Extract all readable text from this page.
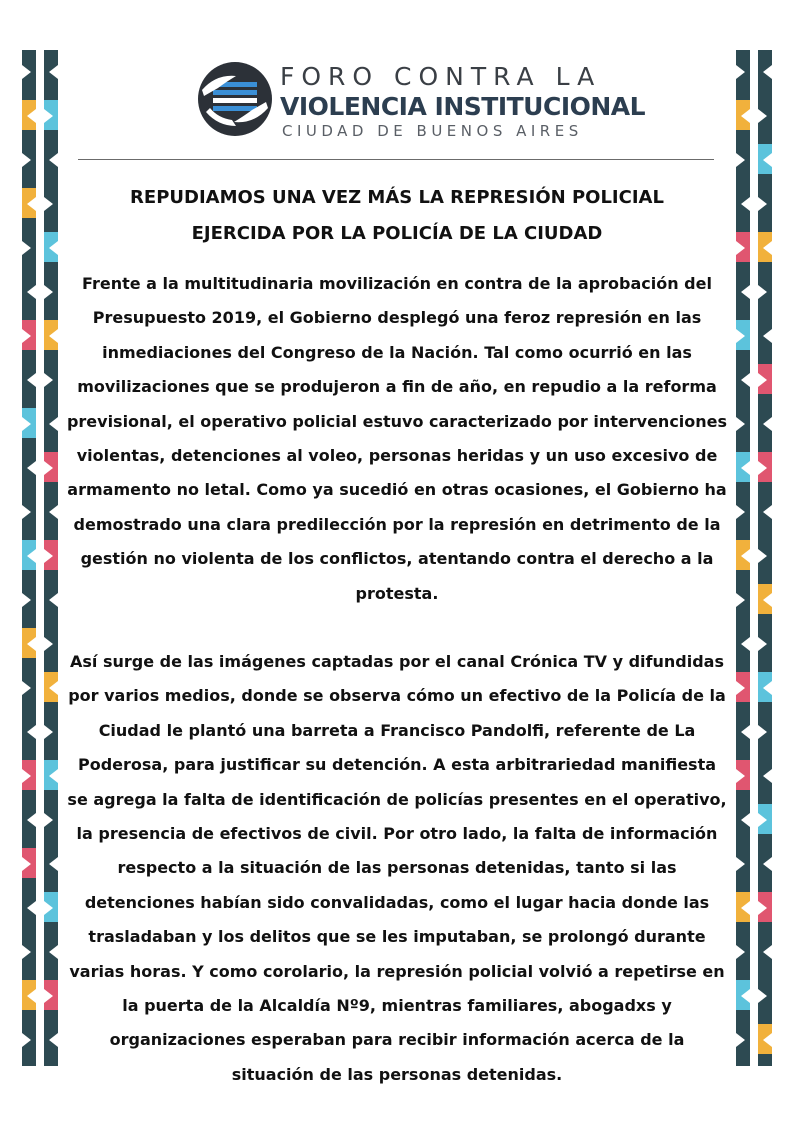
FORO CONTRA LA
VIOLENCIA INSTITUCIONAL
CIUDAD DE BUENOS AIRES
REPUDIAMOS UNA VEZ MÁS LA REPRESIÓN POLICIAL
EJERCIDA POR LA POLICÍA DE LA CIUDAD
Frente a la multitudinaria movilización en contra de la aprobación del Presupuesto 2019, el Gobierno desplegó una feroz represión en las inmediaciones del Congreso de la Nación. Tal como ocurrió en las movilizaciones que se produjeron a fin de año, en repudio a la reforma previsional, el operativo policial estuvo caracterizado por intervenciones violentas, detenciones al voleo, personas heridas y un uso excesivo de armamento no letal. Como ya sucedió en otras ocasiones, el Gobierno ha demostrado una clara predilección por la represión en detrimento de la gestión no violenta de los conflictos, atentando contra el derecho a la protesta.
Así surge de las imágenes captadas por el canal Crónica TV y difundidas por varios medios, donde se observa cómo un efectivo de la Policía de la Ciudad le plantó una barreta a Francisco Pandolfi, referente de La Poderosa, para justificar su detención. A esta arbitrariedad manifiesta se agrega la falta de identificación de policías presentes en el operativo, la presencia de efectivos de civil. Por otro lado, la falta de información respecto a la situación de las personas detenidas, tanto si las detenciones habían sido convalidadas, como el lugar hacia donde las trasladaban y los delitos que se les imputaban, se prolongó durante varias horas. Y como corolario, la represión policial volvió a repetirse en la puerta de la Alcaldía Nº9, mientras familiares, abogadxs y organizaciones esperaban para recibir información acerca de la situación de las personas detenidas.
